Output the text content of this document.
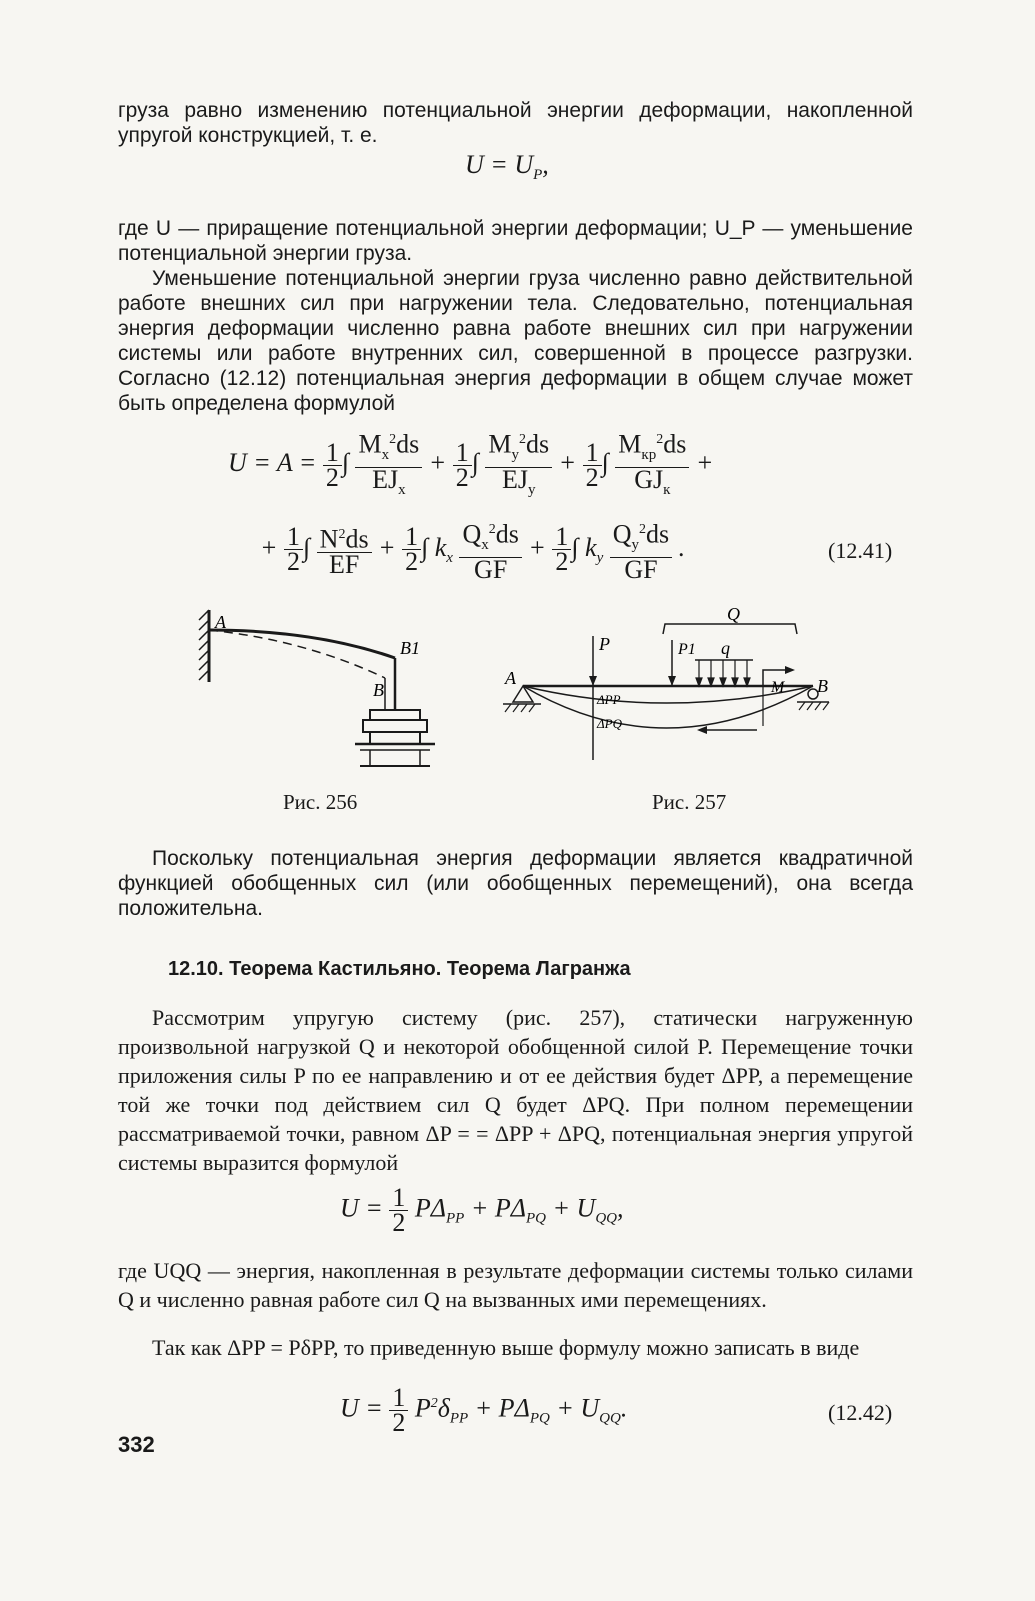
груза равно изменению потенциальной энергии деформации, накопленной упругой конструкцией, т. е.

$U = U_P$,

где U — приращение потенциальной энергии деформации; U_P — уменьшение потенциальной энергии груза.

Уменьшение потенциальной энергии груза численно равно действительной работе внешних сил при нагружении тела. Следовательно, потенциальная энергия деформации численно равна работе внешних сил при нагружении системы или работе внутренних сил, совершенной в процессе разгрузки. Согласно (12.12) потенциальная энергия деформации в общем случае может быть определена формулой

$U = A = \frac{1}{2}$ ∫ $\frac{M_x^2ds}{EJ_x} + \frac{1}{2}$ ∫ $\frac{M_y^2ds}{EJ_y} + \frac{1}{2}$ ∫ $\frac{M_{кр}^2ds}{GJ_к}$ +
+ $\frac{1}{2}$ ∫ $\frac{N^2ds}{EF} + \frac{1}{2}$ ∫ $k_x \frac{Q_x^2ds}{GF} + \frac{1}{2}$ ∫ $k_y \frac{Q_y^2ds}{GF}$ .	(12.41)
A
B1
B
Рис. 256
Q
P	P1 q
M
A	B
ΔPP
ΔPQ
Рис. 257

Поскольку потенциальная энергия деформации является квадратичной функцией обобщенных сил (или обобщенных перемещений), она всегда положительна.

12.10. Теорема Кастильяно. Теорема Лагранжа

Рассмотрим упругую систему (рис. 257), статически нагруженную произвольной нагрузкой Q и некоторой обобщенной силой P. Перемещение точки приложения силы P по ее направлению и от ее действия будет ΔPP, а перемещение той же точки под действием сил Q будет ΔPQ. При полном перемещении рассматриваемой точки, равном ΔP = = ΔPP + ΔPQ, потенциальная энергия упругой системы выразится формулой

$U = \frac{1}{2} P\Delta_{PP} + P\Delta_{PQ} + U_{QQ}$,

где UQQ — энергия, накопленная в результате деформации системы только силами Q и численно равная работе сил Q на вызванных ими перемещениях.

Так как ΔPP = PδPP, то приведенную выше формулу можно записать в виде

$U = \frac{1}{2} P^2\delta_{PP} + P\Delta_{PQ} + U_{QQ}$.	(12.42)
332
